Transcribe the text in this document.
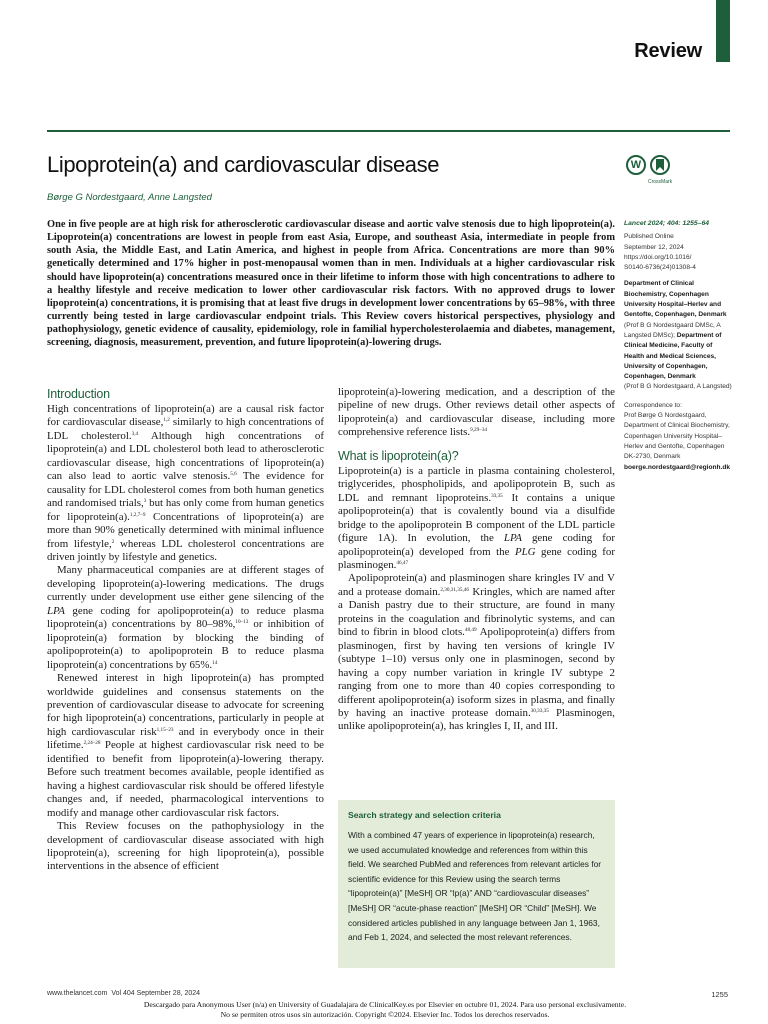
Review
Lipoprotein(a) and cardiovascular disease
Børge G Nordestgaard, Anne Langsted
W
CrossMark
One in five people are at high risk for atherosclerotic cardiovascular disease and aortic valve stenosis due to high lipoprotein(a). Lipoprotein(a) concentrations are lowest in people from east Asia, Europe, and southeast Asia, intermediate in people from south Asia, the Middle East, and Latin America, and highest in people from Africa. Concentrations are more than 90% genetically determined and 17% higher in post-menopausal women than in men. Individuals at a higher cardiovascular risk should have lipoprotein(a) concentrations measured once in their lifetime to inform those with high concentrations to adhere to a healthy lifestyle and receive medication to lower other cardiovascular risk factors. With no approved drugs to lower lipoprotein(a) concentrations, it is promising that at least five drugs in development lower concentrations by 65–98%, with three currently being tested in large cardiovascular endpoint trials. This Review covers historical perspectives, physiology and pathophysiology, genetic evidence of causality, epidemiology, role in familial hypercholesterolaemia and diabetes, management, screening, diagnosis, measurement, prevention, and future lipoprotein(a)-lowering drugs.
Lancet 2024; 404: 1255–64
Published Online
September 12, 2024
https://doi.org/10.1016/
S0140-6736(24)01308-4
Department of Clinical Biochemistry, Copenhagen University Hospital–Herlev and Gentofte, Copenhagen, Denmark
(Prof B G Nordestgaard DMSc, A Langsted DMSc); Department of Clinical Medicine, Faculty of Health and Medical Sciences, University of Copenhagen, Copenhagen, Denmark
(Prof B G Nordestgaard, A Langsted)
Correspondence to:
Prof Børge G Nordestgaard, Department of Clinical Biochemistry, Copenhagen University Hospital–Herlev and Gentofte, Copenhagen DK-2730, Denmark
boerge.nordestgaard@regionh.dk
Introduction

High concentrations of lipoprotein(a) are a causal risk factor for cardiovascular disease,$^{1,2}$ similarly to high concentrations of LDL cholesterol.$^{3,4}$ Although high concentrations of lipoprotein(a) and LDL cholesterol both lead to atherosclerotic cardiovascular disease, high concentrations of lipoprotein(a) can also lead to aortic valve stenosis.$^{5,6}$ The evidence for causality for LDL cholesterol comes from both human genetics and randomised trials,$^3$ but has only come from human genetics for lipoprotein(a).$^{1,2,7-9}$ Concentrations of lipoprotein(a) are more than 90% genetically determined with minimal influence from lifestyle,$^2$ whereas LDL cholesterol concentrations are driven jointly by lifestyle and genetics.

Many pharmaceutical companies are at different stages of developing lipoprotein(a)-lowering medications. The drugs currently under development use either gene silencing of the LPA gene coding for apolipoprotein(a) to reduce plasma lipoprotein(a) concentrations by 80–98%,$^{10-13}$ or inhibition of lipoprotein(a) formation by blocking the binding of apolipoprotein(a) to apolipoprotein B to reduce plasma lipoprotein(a) concentrations by 65%.$^{14}$

Renewed interest in high lipoprotein(a) has prompted worldwide guidelines and consensus statements on the prevention of cardiovascular disease to advocate for screening for high lipoprotein(a) concentrations, particularly in people at high cardiovascular risk$^{1,15-23}$ and in everybody once in their lifetime.$^{2,24-28}$ People at highest cardiovascular risk need to be identified to benefit from lipoprotein(a)-lowering therapy. Before such treatment becomes available, people identified as having a highest cardiovascular risk should be offered lifestyle changes and, if needed, pharmacological interventions to modify and manage other cardiovascular risk factors.

This Review focuses on the pathophysiology in the development of cardiovascular disease associated with high lipoprotein(a), screening for high lipoprotein(a), possible interventions in the absence of efficient

lipoprotein(a)-lowering medication, and a description of the pipeline of new drugs. Other reviews detail other aspects of lipoprotein(a) and cardiovascular disease, including more comprehensive reference lists.$^{9,29-34}$

What is lipoprotein(a)?

Lipoprotein(a) is a particle in plasma containing cholesterol, triglycerides, phospholipids, and apolipoprotein B, such as LDL and remnant lipoproteins.$^{33,35}$ It contains a unique apolipoprotein(a) that is covalently bound via a disulfide bridge to the apolipoprotein B component of the LDL particle (figure 1A). In evolution, the LPA gene coding for apolipoprotein(a) developed from the PLG gene coding for plasminogen.$^{46,47}$

Apolipoprotein(a) and plasminogen share kringles IV and V and a protease domain.$^{2,30,31,35,46}$ Kringles, which are named after a Danish pastry due to their structure, are found in many proteins in the coagulation and fibrinolytic systems, and can bind to fibrin in blood clots.$^{48,49}$ Apolipoprotein(a) differs from plasminogen, first by having ten versions of kringle IV (subtype 1–10) versus only one in plasminogen, second by having a copy number variation in kringle IV subtype 2 ranging from one to more than 40 copies corresponding to different apolipoprotein(a) isoform sizes in plasma, and finally by having an inactive protease domain.$^{30,33,35}$ Plasminogen, unlike apolipoprotein(a), has kringles I, II, and III.

Search strategy and selection criteria
With a combined 47 years of experience in lipoprotein(a) research, we used accumulated knowledge and references from within this field. We searched PubMed and references from relevant articles for scientific evidence for this Review using the search terms “lipoprotein(a)” [MeSH] OR “lp(a)” AND “cardiovascular diseases” [MeSH] OR “acute-phase reaction” [MeSH] OR “Child” [MeSH]. We considered articles published in any language between Jan 1, 1963, and Feb 1, 2024, and selected the most relevant references.
www.thelancet.com Vol 404 September 28, 2024	1255
Descargado para Anonymous User (n/a) en University of Guadalajara de ClinicalKey.es por Elsevier en octubre 01, 2024. Para uso personal exclusivamente. No se permiten otros usos sin autorización. Copyright ©2024. Elsevier Inc. Todos los derechos reservados.
